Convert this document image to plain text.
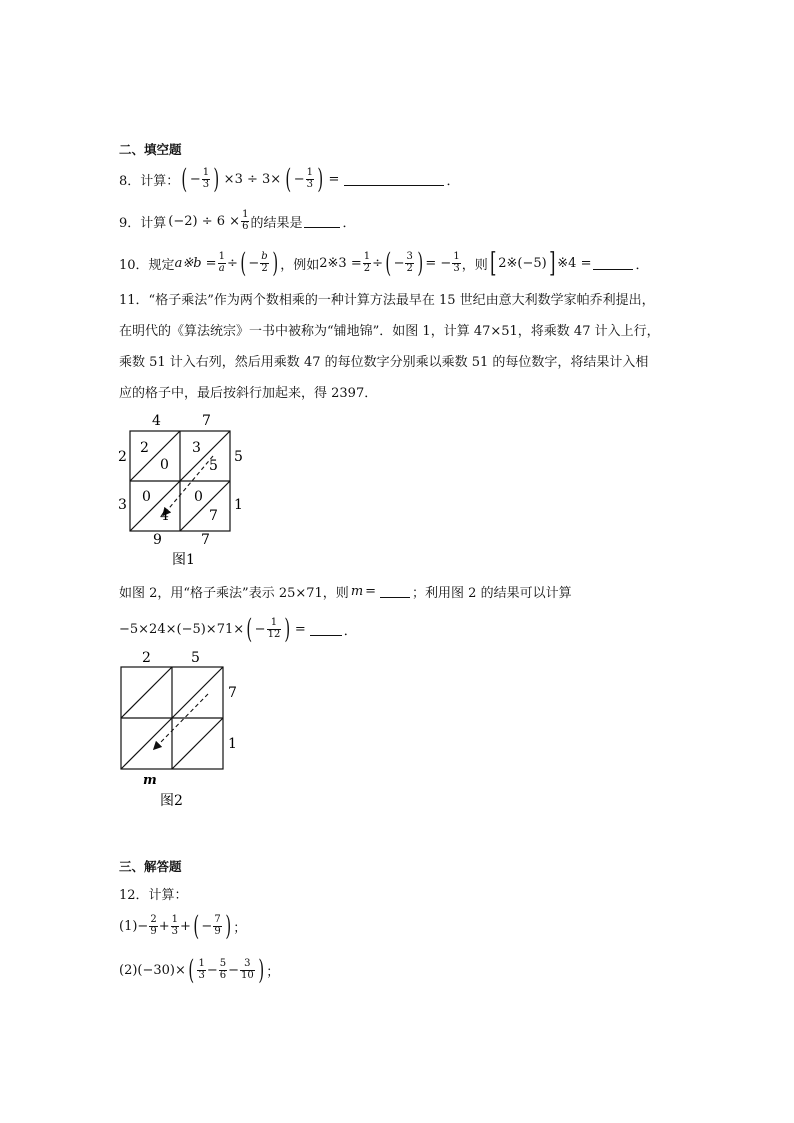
二、填空题
8． 计算： ( − $\frac{1}{3}$ ) ×3 ÷ 3× ( − $\frac{1}{3}$ ) =	．
9． 计算 $(-2) \div 6 \times \frac{1}{6}$ 的结果是	．
10． 规定 a※b = $\frac{1}{a}$ ÷ ( − $\frac{b}{2}$ ) ，例如 2※3 = $\frac{1}{2}$ ÷ ( − $\frac{3}{2}$ ) = − $\frac{1}{3}$ ，则 [ 2※(−5) ] ※4 =	．
11．“格子乘法”作为两个数相乘的一种计算方法最早在 15 世纪由意大利数学家帕乔利提出，
在明代的《算法统宗》一书中被称为“铺地锦”．如图 1，计算 47×51，将乘数 47 计入上行，
乘数 51 计入右列，然后用乘数 47 的每位数字分别乘以乘数 51 的每位数字，将结果计入相
应的格子中，最后按斜行加起来，得 2397．
4	7
2
3
5
1
9	7
2
0
3
5
0
4
0
7
图1
如图 2，用“格子乘法”表示 25×71，则 m =	；利用图 2 的结果可以计算
−5×24×(−5)×71× ( − $\frac{1}{12}$ ) =	．
2	5
7
1
m
图2
三、解答题
12．计算：
$(1)- \frac{2}{9} + \frac{1}{3}$ + ( − $\frac{7}{9}$ ) ；
(2)(−30)× ( $\frac{1}{3} - \frac{5}{6} - \frac{3}{10}$ ) ；
